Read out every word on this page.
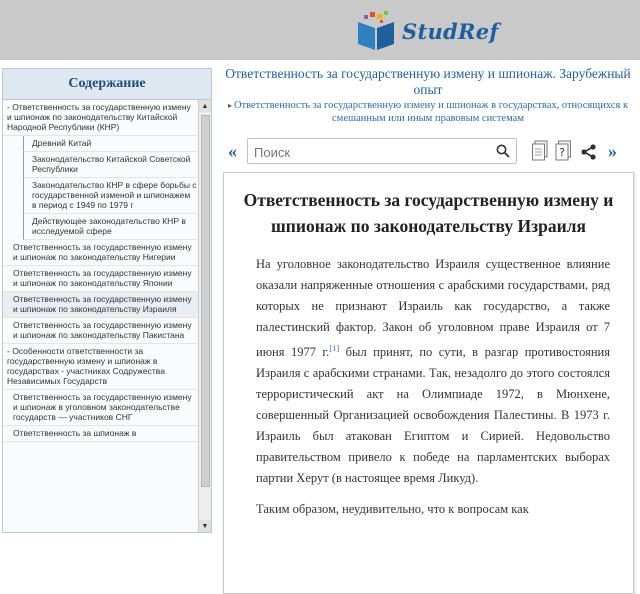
StudRef
Содержание
- Ответственность за государственную измену и шпионаж по законодательству Китайской Народной Республики (КНР)
Древний Китай
Законодательство Китайской Советской Республики
Законодательство КНР в сфере борьбы с государственной изменой и шпионажем в период с 1949 по 1979 г
Действующее законодательство КНР в исследуемой сфере
Ответственность за государственную измену и шпионаж по законодательству Нигерии
Ответственность за государственную измену и шпионаж по законодательству Японии
Ответственность за государственную измену и шпионаж по законодательству Израиля
Ответственность за государственную измену и шпионаж по законодательству Пакистана
- Особенности ответственности за государственную измену и шпионаж в государствах - участниках Содружества Независимых Государств
Ответственность за государственную измену и шпионаж в уголовном законодательстве государств — участников СНГ
Ответственность за шпионаж в
▲
▼
Ответственность за государственную измену и шпионаж. Зарубежный опыт
▸ Ответственность за государственную измену и шпионаж в государствах, относящихся к смешанным или иным правовым системам
«
Поиск	? »
Ответственность за государственную измену и шпионаж по законодательству Израиля

На уголовное законодательство Израиля существенное влияние оказали напряженные отношения с арабскими государствами, ряд которых не признают Израиль как государство, а также палестинский фактор. Закон об уголовном праве Израиля от 7 июня 1977 г.[1] был принят, по сути, в разгар противостояния Израиля с арабскими странами. Так, незадолго до этого состоялся террористический акт на Олимпиаде 1972, в Мюнхене, совершенный Организацией освобождения Палестины. В 1973 г. Израиль был атакован Египтом и Сирией. Недовольство правительством привело к победе на парламентских выборах партии Херут (в настоящее время Ликуд).

Таким образом, неудивительно, что к вопросам как
